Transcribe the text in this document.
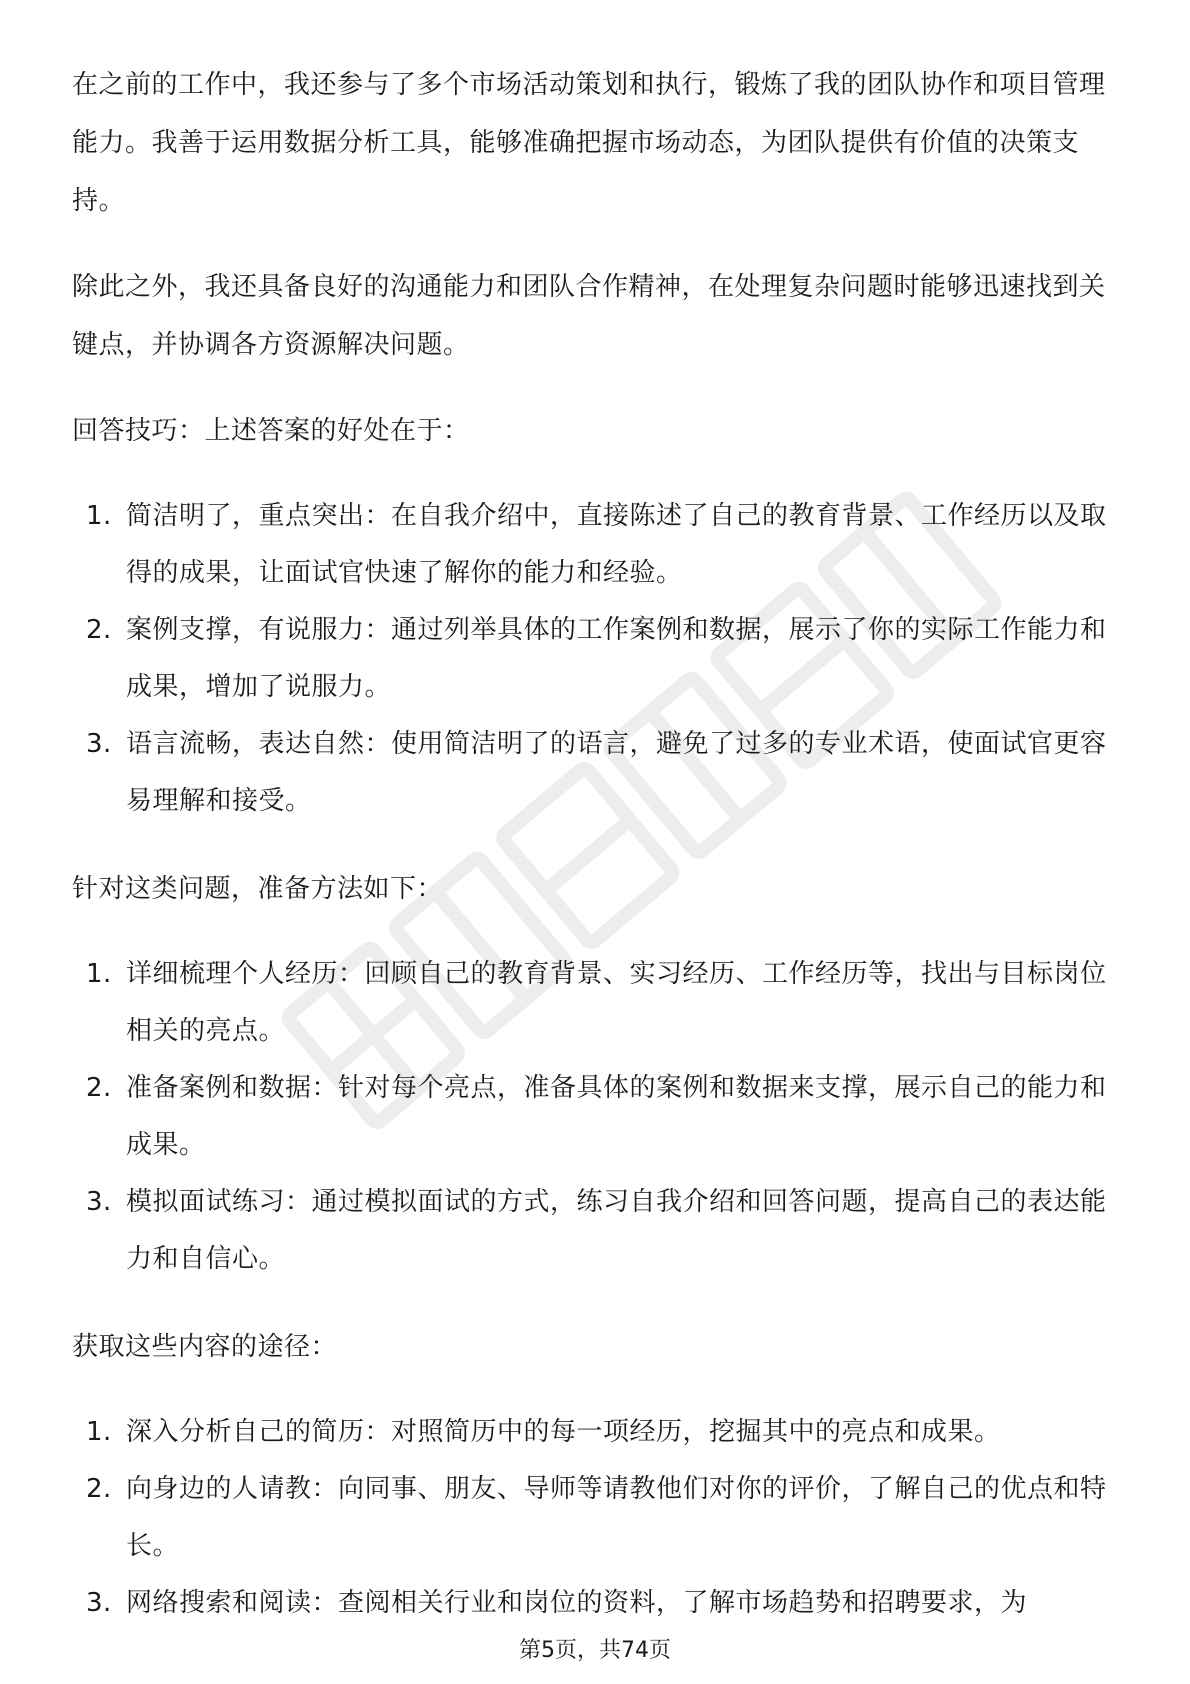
在之前的工作中，我还参与了多个市场活动策划和执行，锻炼了我的团队协作和项目管理能力。我善于运用数据分析工具，能够准确把握市场动态，为团队提供有价值的决策支持。

除此之外，我还具备良好的沟通能力和团队合作精神，在处理复杂问题时能够迅速找到关键点，并协调各方资源解决问题。

回答技巧：上述答案的好处在于：

1. 简洁明了，重点突出：在自我介绍中，直接陈述了自己的教育背景、工作经历以及取得的成果，让面试官快速了解你的能力和经验。
2. 案例支撑，有说服力：通过列举具体的工作案例和数据，展示了你的实际工作能力和成果，增加了说服力。
3. 语言流畅，表达自然：使用简洁明了的语言，避免了过多的专业术语，使面试官更容易理解和接受。

针对这类问题，准备方法如下：

1. 详细梳理个人经历：回顾自己的教育背景、实习经历、工作经历等，找出与目标岗位相关的亮点。
2. 准备案例和数据：针对每个亮点，准备具体的案例和数据来支撑，展示自己的能力和成果。
3. 模拟面试练习：通过模拟面试的方式，练习自我介绍和回答问题，提高自己的表达能力和自信心。

获取这些内容的途径：

1. 深入分析自己的简历：对照简历中的每一项经历，挖掘其中的亮点和成果。
2. 向身边的人请教：向同事、朋友、导师等请教他们对你的评价，了解自己的优点和特长。
3. 网络搜索和阅读：查阅相关行业和岗位的资料，了解市场趋势和招聘要求，为
第5页，共74页
